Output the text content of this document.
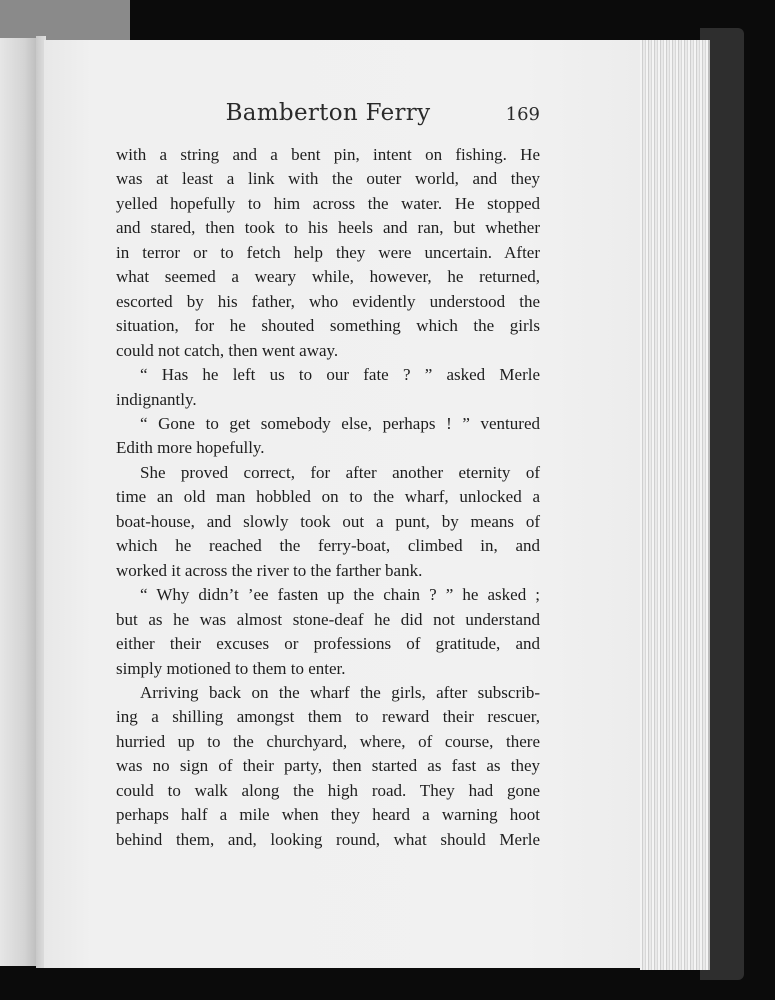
Bamberton Ferry	169
with a string and a bent pin, intent on fishing. He
was at least a link with the outer world, and they
yelled hopefully to him across the water. He stopped
and stared, then took to his heels and ran, but whether
in terror or to fetch help they were uncertain. After
what seemed a weary while, however, he returned,
escorted by his father, who evidently understood the
situation, for he shouted something which the girls
could not catch, then went away.
“ Has he left us to our fate ? ” asked Merle
indignantly.
“ Gone to get somebody else, perhaps ! ” ventured
Edith more hopefully.
She proved correct, for after another eternity of
time an old man hobbled on to the wharf, unlocked a
boat-house, and slowly took out a punt, by means of
which he reached the ferry-boat, climbed in, and
worked it across the river to the farther bank.
“ Why didn’t ’ee fasten up the chain ? ” he asked ;
but as he was almost stone-deaf he did not understand
either their excuses or professions of gratitude, and
simply motioned to them to enter.
Arriving back on the wharf the girls, after subscrib-
ing a shilling amongst them to reward their rescuer,
hurried up to the churchyard, where, of course, there
was no sign of their party, then started as fast as they
could to walk along the high road. They had gone
perhaps half a mile when they heard a warning hoot
behind them, and, looking round, what should Merle
